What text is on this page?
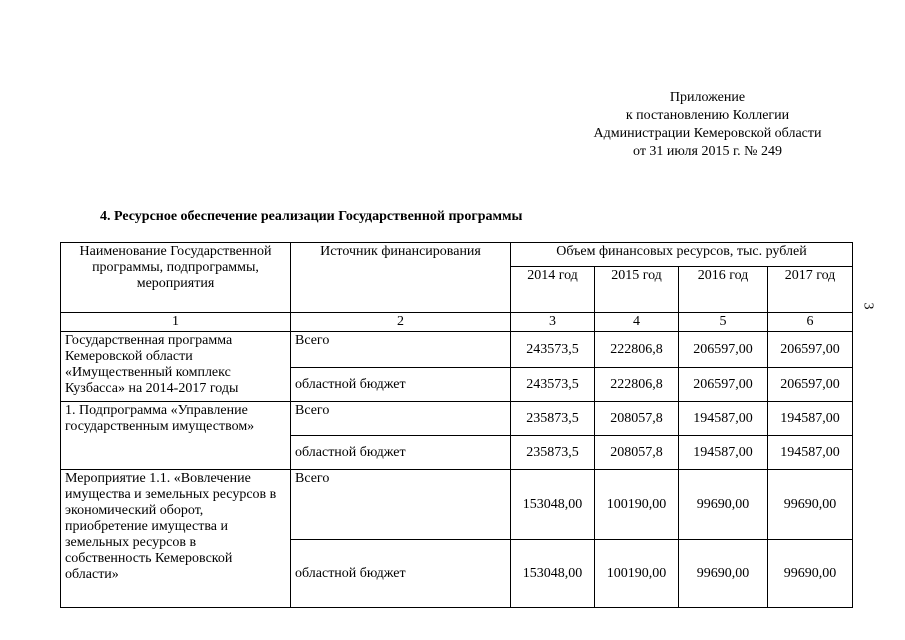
Приложение
к постановлению Коллегии
Администрации Кемеровской области
от 31 июля 2015 г. № 249
3
4. Ресурсное обеспечение реализации Государственной программы
Наименование Государственной программы, подпрограммы, мероприятия	Источник финансирования	Объем финансовых ресурсов, тыс. рублей			
		2014 год	2015 год	2016 год	2017 год
1	2	3	4	5	6
Государственная программа Кемеровской области «Имущественный комплекс Кузбасса» на 2014-2017 годы	Всего	243573,5	222806,8	206597,00	206597,00
	областной бюджет	243573,5	222806,8	206597,00	206597,00
1. Подпрограмма «Управление государственным имуществом»	Всего	235873,5	208057,8	194587,00	194587,00
	областной бюджет	235873,5	208057,8	194587,00	194587,00
Мероприятие 1.1. «Вовлечение имущества и земельных ресурсов в экономический оборот, приобретение имущества и земельных ресурсов в собственность Кемеровской области»	Всего	153048,00	100190,00	99690,00	99690,00
	областной бюджет	153048,00	100190,00	99690,00	99690,00
